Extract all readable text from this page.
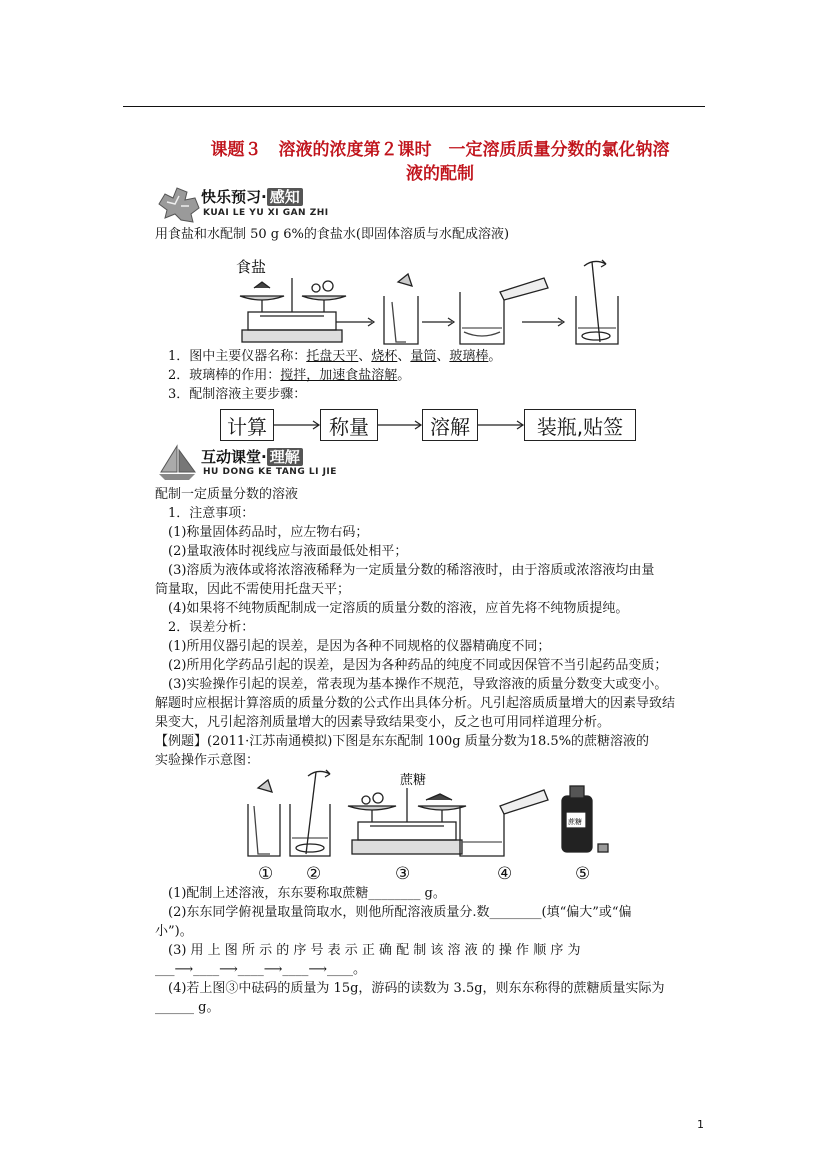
课题３　溶液的浓度第２课时　一定溶质质量分数的氯化钠溶
液的配制
快乐预习· 感知
KUAI LE YU XI GAN ZHI
用食盐和水配制 50 g 6%的食盐水(即固体溶质与水配成溶液)
食盐
1．图中主要仪器名称：托盘天平、烧杯、量筒、玻璃棒。
2．玻璃棒的作用：搅拌，加速食盐溶解。
3．配制溶液主要步骤：
计算	称量	溶解	装瓶,贴签
互动课堂· 理解
HU DONG KE TANG LI JIE
配制一定质量分数的溶液
1．注意事项：
(1)称量固体药品时，应左物右码；
(2)量取液体时视线应与液面最低处相平；
(3)溶质为液体或将浓溶液稀释为一定质量分数的稀溶液时，由于溶质或浓溶液均由量
筒量取，因此不需使用托盘天平；
(4)如果将不纯物质配制成一定溶质的质量分数的溶液，应首先将不纯物质提纯。
2．误差分析：
(1)所用仪器引起的误差，是因为各种不同规格的仪器精确度不同；
(2)所用化学药品引起的误差，是因为各种药品的纯度不同或因保管不当引起药品变质；
(3)实验操作引起的误差，常表现为基本操作不规范，导致溶液的质量分数变大或变小。
解题时应根据计算溶质的质量分数的公式作出具体分析。凡引起溶质质量增大的因素导致结
果变大，凡引起溶剂质量增大的因素导致结果变小，反之也可用同样道理分析。
【例题】(2011·江苏南通模拟)下图是东东配制 100g 质量分数为18.5%的蔗糖溶液的
实验操作示意图：
蔗糖
蔗糖
① ②	③	④	⑤
(1)配制上述溶液，东东要称取蔗糖________ g。
(2)东东同学俯视量取量筒取水，则他所配溶液质量分.数________(填“偏大”或“偏
小”)。
(3) 用 上 图 所 示 的 序 号 表 示 正 确 配 制 该 溶 液 的 操 作 顺 序 为
___⟶____⟶____⟶____⟶____。
(4)若上图③中砝码的质量为 15g，游码的读数为 3.5g，则东东称得的蔗糖质量实际为
______ g。
1
